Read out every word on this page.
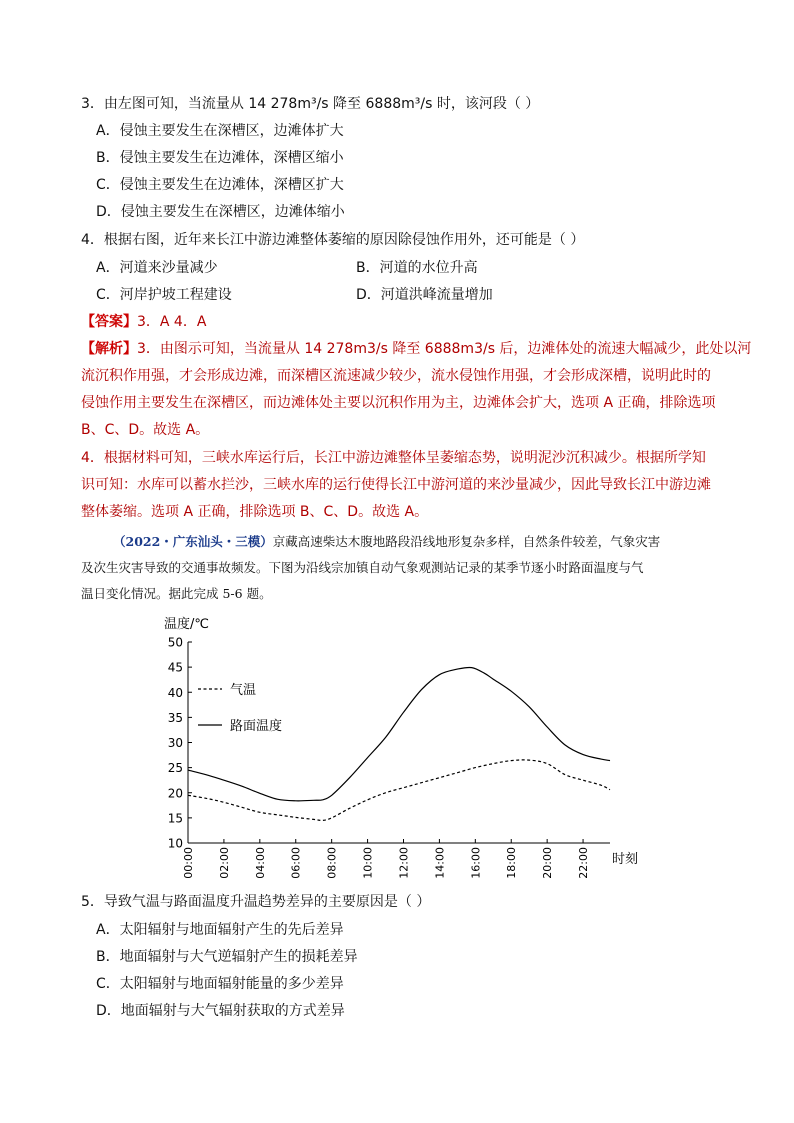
3．由左图可知，当流量从 14 278m³/s 降至 6888m³/s 时，该河段（ ）
A．侵蚀主要发生在深槽区，边滩体扩大
B．侵蚀主要发生在边滩体，深槽区缩小
C．侵蚀主要发生在边滩体，深槽区扩大
D．侵蚀主要发生在深槽区，边滩体缩小
4．根据右图，近年来长江中游边滩整体萎缩的原因除侵蚀作用外，还可能是（ ）
A．河道来沙量减少	B．河道的水位升高
C．河岸护坡工程建设	D．河道洪峰流量增加
【答案】3．A 4．A
【解析】3．由图示可知，当流量从 14 278m3/s 降至 6888m3/s 后，边滩体处的流速大幅减少，此处以河
流沉积作用强，才会形成边滩，而深槽区流速减少较少，流水侵蚀作用强，才会形成深槽，说明此时的
侵蚀作用主要发生在深槽区，而边滩体处主要以沉积作用为主，边滩体会扩大，选项 A 正确，排除选项
B、C、D。故选 A。
4．根据材料可知，三峡水库运行后，长江中游边滩整体呈萎缩态势，说明泥沙沉积减少。根据所学知
识可知：水库可以蓄水拦沙，三峡水库的运行使得长江中游河道的来沙量减少，因此导致长江中游边滩
整体萎缩。选项 A 正确，排除选项 B、C、D。故选 A。
（2022・广东汕头・三模）京藏高速柴达木腹地路段沿线地形复杂多样，自然条件较差，气象灾害
及次生灾害导致的交通事故频发。下图为沿线宗加镇自动气象观测站记录的某季节逐小时路面温度与气
温日变化情况。据此完成 5-6 题。
温度/℃
10
15
20
25
30
35
40
45
50
00:00 02:00 04:00 06:00 08:00 10:00 12:00 14:00 16:00 18:00 20:00 22:00 时刻
气温
路面温度
5．导致气温与路面温度升温趋势差异的主要原因是（ ）
A．太阳辐射与地面辐射产生的先后差异
B．地面辐射与大气逆辐射产生的损耗差异
C．太阳辐射与地面辐射能量的多少差异
D．地面辐射与大气辐射获取的方式差异
